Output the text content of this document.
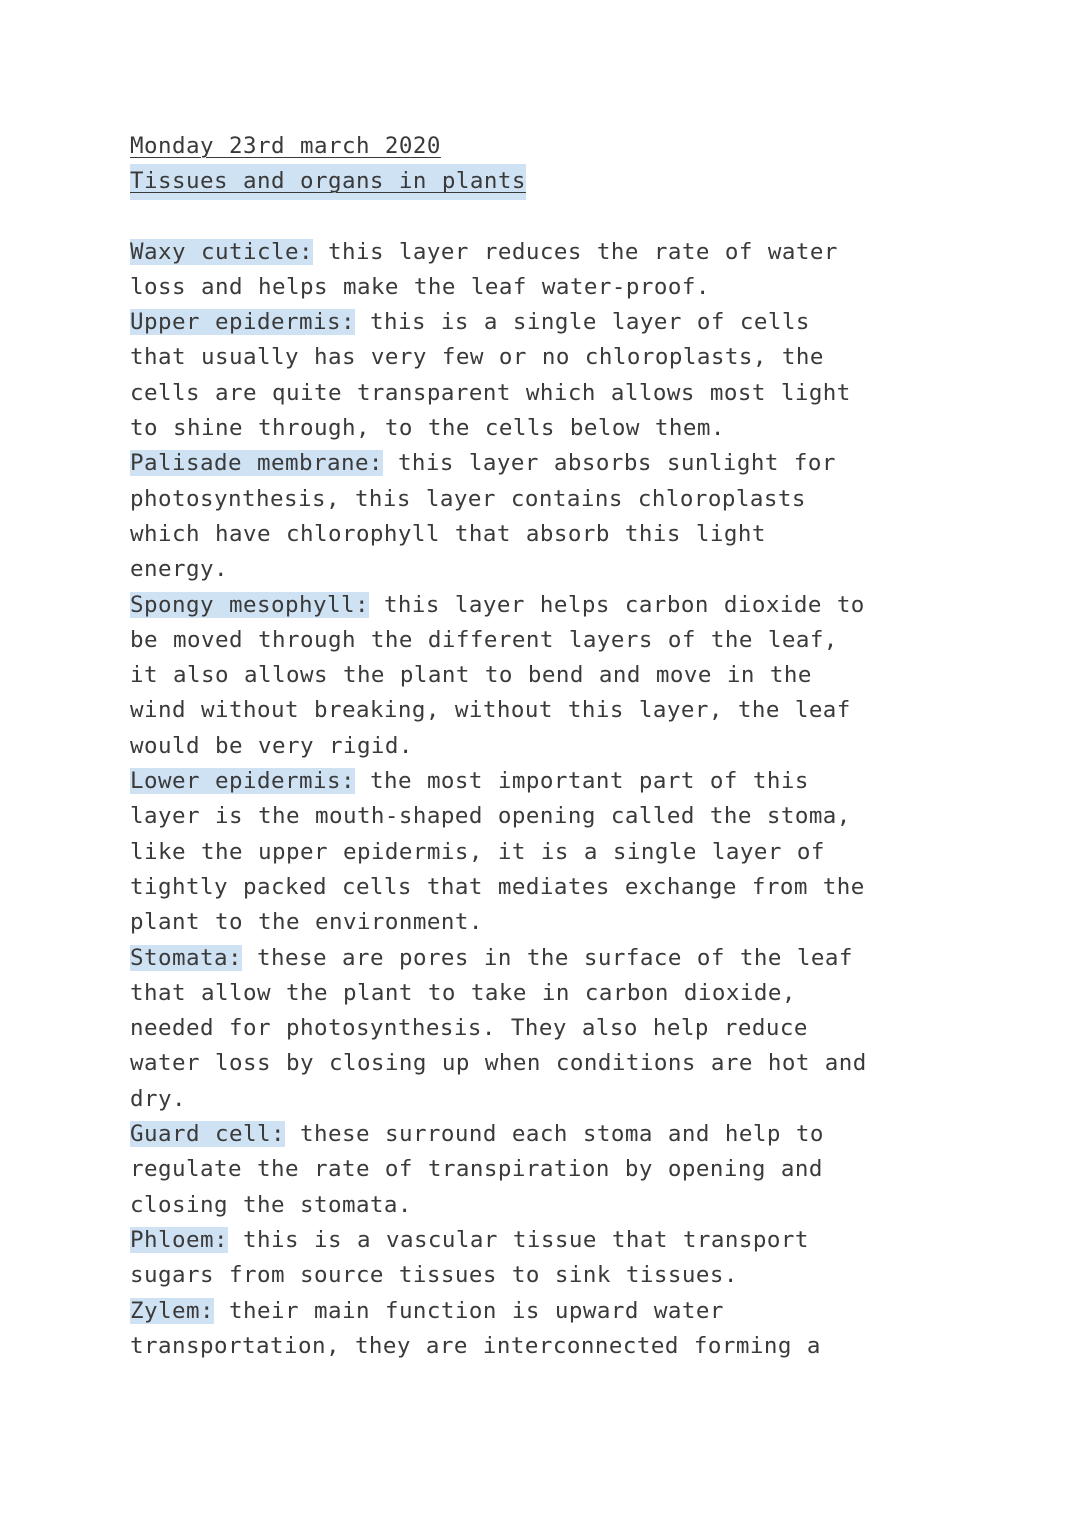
Monday 23rd march 2020
Tissues and organs in plants

Waxy cuticle: this layer reduces the rate of water
loss and helps make the leaf water-proof.

Upper epidermis: this is a single layer of cells
that usually has very few or no chloroplasts, the
cells are quite transparent which allows most light
to shine through, to the cells below them.

Palisade membrane: this layer absorbs sunlight for
photosynthesis, this layer contains chloroplasts
which have chlorophyll that absorb this light
energy.

Spongy mesophyll: this layer helps carbon dioxide to
be moved through the different layers of the leaf,
it also allows the plant to bend and move in the
wind without breaking, without this layer, the leaf
would be very rigid.

Lower epidermis: the most important part of this
layer is the mouth-shaped opening called the stoma,
like the upper epidermis, it is a single layer of
tightly packed cells that mediates exchange from the
plant to the environment.

Stomata: these are pores in the surface of the leaf
that allow the plant to take in carbon dioxide,
needed for photosynthesis. They also help reduce
water loss by closing up when conditions are hot and
dry.

Guard cell: these surround each stoma and help to
regulate the rate of transpiration by opening and
closing the stomata.

Phloem: this is a vascular tissue that transport
sugars from source tissues to sink tissues.

Zylem: their main function is upward water
transportation, they are interconnected forming a
